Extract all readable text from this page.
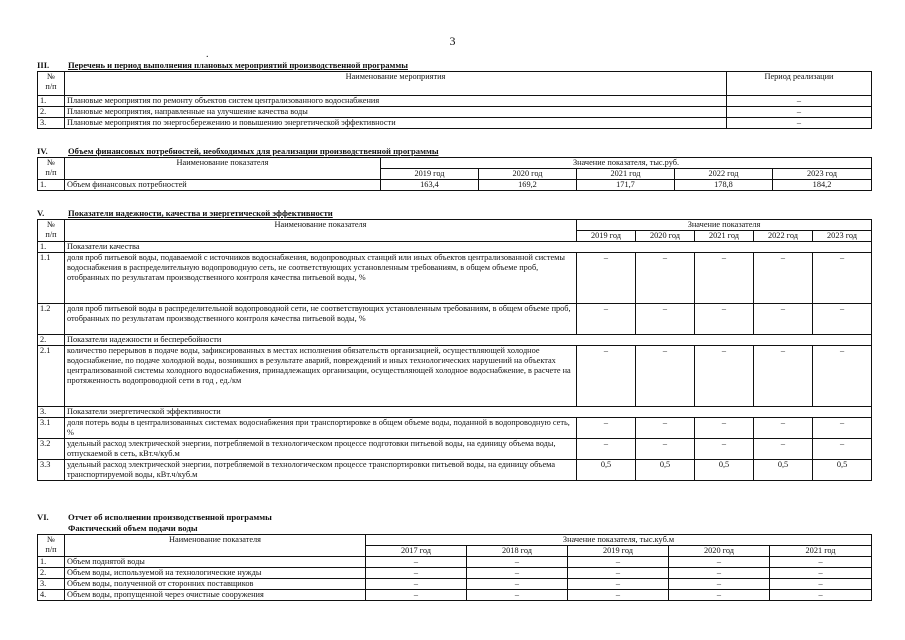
3
.
III. Перечень и период выполнения плановых мероприятий производственной программы
№
п/п	Наименование мероприятия	Период реализации
1.	Плановые мероприятия по ремонту объектов систем централизованного водоснабжения	–
2.	Плановые мероприятия, направленные на улучшение качества воды	–
3.	Плановые мероприятия по энергосбережению и повышению энергетической эффективности	–
IV. Объем финансовых потребностей, необходимых для реализации производственной программы
№
п/п	Наименование показателя	Значение показателя, тыс.руб.				
		2019 год	2020 год	2021 год	2022 год	2023 год
1.	Объем финансовых потребностей	163,4	169,2	171,7	178,8	184,2
V.	Показатели надежности, качества и энергетической эффективности
№
п/п	Наименование показателя	Значение показателя				
		2019 год	2020 год	2021 год	2022 год	2023 год
1.	Показатели качества					
1.1	доля проб питьевой воды, подаваемой с источников водоснабжения, водопроводных станций или иных объектов централизованной системы водоснабжения в распределительную водопроводную сеть, не соответствующих установленным требованиям, в общем объеме проб, отобранных по результатам производственного контроля качества питьевой воды, %	–	–	–	–	–
1.2	доля проб питьевой воды в распределительной водопроводной сети, не соответствующих установленным требованиям, в общем объеме проб, отобранных по результатам производственного контроля качества питьевой воды, %	–	–	–	–	–
2.	Показатели надежности и бесперебойности					
2.1	количество перерывов в подаче воды, зафиксированных в местах исполнения обязательств организацией, осуществляющей холодное водоснабжение, по подаче холодной воды, возникших в результате аварий, повреждений и иных технологических нарушений на объектах централизованной системы холодного водоснабжения, принадлежащих организации, осуществляющей холодное водоснабжение, в расчете на протяженность водопроводной сети в год , ед./км	–	–	–	–	–
3.	Показатели энергетической эффективности					
3.1	доля потерь воды в централизованных системах водоснабжения при транспортировке в общем объеме воды, поданной в водопроводную сеть, %	–	–	–	–	–
3.2	удельный расход электрической энергии, потребляемой в технологическом процессе подготовки питьевой воды, на единицу объема воды, отпускаемой в сеть, кВт.ч/куб.м	–	–	–	–	–
3.3	удельный расход электрической энергии, потребляемой в технологическом процессе транспортировки питьевой воды, на единицу объема транспортируемой воды, кВт.ч/куб.м	0,5	0,5	0,5	0,5	0,5
VI. Отчет об исполнении производственной программы
Фактический объем подачи воды
№
п/п	Наименование показателя	Значение показателя, тыс.куб.м				
		2017 год	2018 год	2019 год	2020 год	2021 год
1.	Объем поднятой воды	–	–	–	–	–
2.	Объем воды, используемой на технологические нужды	–	–	–	–	–
3.	Объем воды, полученной от сторонних поставщиков	–	–	–	–	–
4.	Объем воды, пропущенной через очистные сооружения	–	–	–	–	–
